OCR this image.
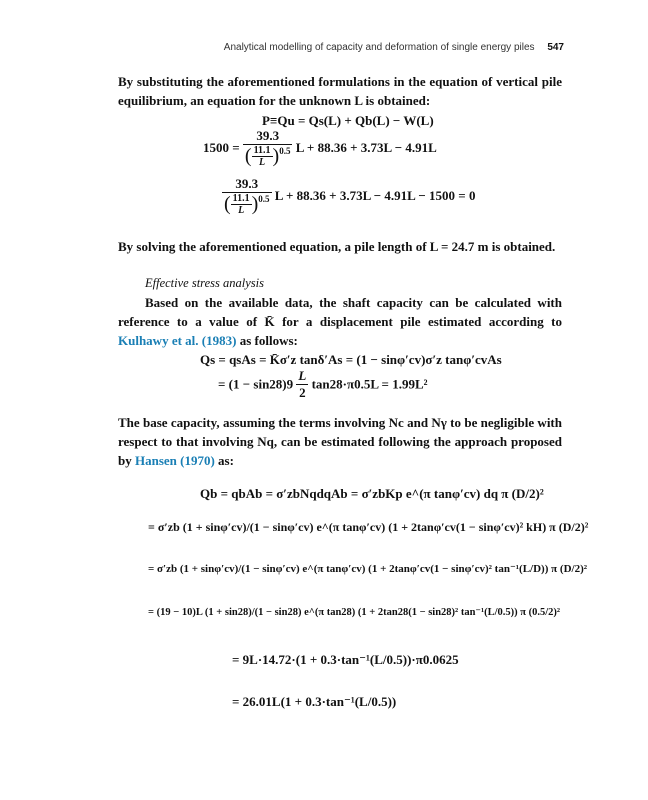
Analytical modelling of capacity and deformation of single energy piles 547

By substituting the aforementioned formulations in the equation of vertical pile equilibrium, an equation for the unknown L is obtained:

P≡Qu = Qs(L) + Qb(L) − W(L)
$1500 = \frac{39.3}{( \frac{11.1}{L} )^{0.5}}$ L + 88.36 + 3.73L − 4.91L
$\frac{39.3}{( \frac{11.1}{L} )^{0.5}}$ L + 88.36 + 3.73L − 4.91L − 1500 = 0

By solving the aforementioned equation, a pile length of L = 24.7 m is obtained.

Effective stress analysis

Based on the available data, the shaft capacity can be calculated with reference to a value of K̄ for a displacement pile estimated according to Kulhawy et al. (1983) as follows:

Qs = qsAs = K̄σ′z tanδ′As = (1 − sinφ′cv)σ′z tanφ′cvAs
= $(1 - \sin 28)9 \frac{L}{2} \tan 28\cdot\pi 0.5L = 1.99L^2$

The base capacity, assuming the terms involving Nc and Nγ to be negligible with respect to that involving Nq, can be estimated following the approach proposed by Hansen (1970) as:

Qb = qbAb = σ′zbNqdqAb = σ′zbKp e^(π tanφ′cv) dq π (D/2)²
= σ′zb (1 + sinφ′cv)/(1 − sinφ′cv) e^(π tanφ′cv) (1 + 2tanφ′cv(1 − sinφ′cv)² kH) π (D/2)²
= σ′zb (1 + sinφ′cv)/(1 − sinφ′cv) e^(π tanφ′cv) (1 + 2tanφ′cv(1 − sinφ′cv)² tan⁻¹(L/D)) π (D/2)²
= (19 − 10)L (1 + sin28)/(1 − sin28) e^(π tan28) (1 + 2tan28(1 − sin28)² tan⁻¹(L/0.5)) π (0.5/2)²
= 9L·14.72·(1 + 0.3·tan⁻¹(L/0.5))·π0.0625
= 26.01L(1 + 0.3·tan⁻¹(L/0.5))
